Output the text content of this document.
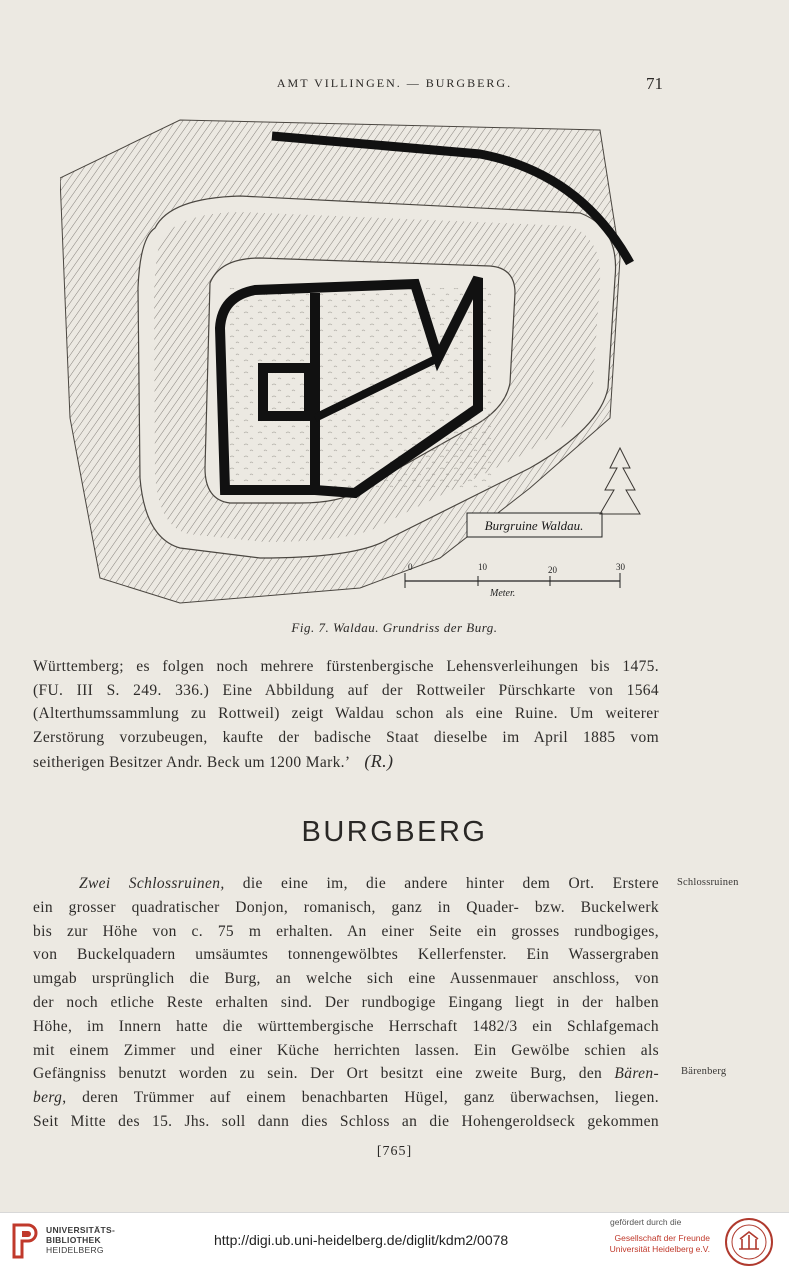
AMT VILLINGEN. — BURGBERG.	71
Burgruine Waldau.
0	10	20	30
Meter.
Fig. 7. Waldau. Grundriss der Burg.
Württemberg; es folgen noch mehrere fürstenbergische Lehensverleihungen bis 1475.
(FU. III S. 249. 336.) Eine Abbildung auf der Rottweiler Pürschkarte von 1564
(Alterthumssammlung zu Rottweil) zeigt Waldau schon als eine Ruine. Um weiterer
Zerstörung vorzubeugen, kaufte der badische Staat dieselbe im April 1885 vom
seitherigen Besitzer Andr. Beck um 1200 Mark.’ (R.)
BURGBERG
Zwei Schlossruinen, die eine im, die andere hinter dem Ort. Erstere
ein grosser quadratischer Donjon, romanisch, ganz in Quader- bzw. Buckelwerk
bis zur Höhe von c. 75 m erhalten. An einer Seite ein grosses rundbogiges,
von Buckelquadern umsäumtes tonnengewölbtes Kellerfenster. Ein Wassergraben
umgab ursprünglich die Burg, an welche sich eine Aussenmauer anschloss, von
der noch etliche Reste erhalten sind. Der rundbogige Eingang liegt in der halben
Höhe, im Innern hatte die württembergische Herrschaft 1482/3 ein Schlafgemach
mit einem Zimmer und einer Küche herrichten lassen. Ein Gewölbe schien als
Gefängniss benutzt worden zu sein. Der Ort besitzt eine zweite Burg, den Bären-
berg, deren Trümmer auf einem benachbarten Hügel, ganz überwachsen, liegen.
Seit Mitte des 15. Jhs. soll dann dies Schloss an die Hohengeroldseck gekommen
Schlossruinen
Bärenberg
[765]
UNIVERSITÄTS-
BIBLIOTHEK
HEIDELBERG
http://digi.ub.uni-heidelberg.de/diglit/kdm2/0078
gefördert durch die
Gesellschaft der Freunde
Universität Heidelberg e.V.
